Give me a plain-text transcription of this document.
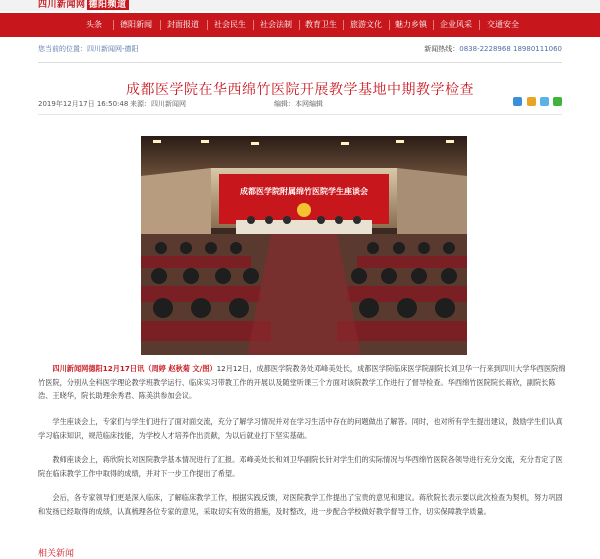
四川新闻网 德阳频道
头条	德阳新闻	封面报道	社会民生	社会法制	教育卫生	旅游文化	魅力乡镇	企业风采	交通安全
您当前的位置：四川新闻网-德阳	新闻热线：0838-2228968 18980111060
成都医学院在华西绵竹医院开展教学基地中期教学检查
2019年12月17日 16:50:48 来源：四川新闻网	编辑：本网编辑

成都医学院附属绵竹医院学生座谈会

四川新闻网德阳12月17日讯（周婷 赵秋菊 文/图）12月12日，成都医学院教务处邓峰美处长，成都医学院临床医学院副院长刘卫华一行来到四川大学华西医院绵竹医院，分别从全科医学理论教学班教学运行、临床实习带教工作的开展以及随堂听课三个方面对该院教学工作进行了督导检查。华西绵竹医院院长蒋欣，副院长陈浩、王晓华，院长助理余秀君、陈美洪参加会议。

学生座谈会上，专家们与学生们进行了面对面交流，充分了解学习情况并对在学习生活中存在的问题做出了解答。同时，也对所有学生提出建议，鼓励学生们认真学习临床知识，规范临床技能，为学校人才培养作出贡献，为以后就业打下坚实基础。

教师座谈会上，蒋欣院长对医院教学基本情况进行了汇报。邓峰美处长和刘卫华副院长针对学生们的实际情况与华西绵竹医院各领导进行充分交流，充分肯定了医院在临床教学工作中取得的成绩，并对下一步工作提出了希望。

会后，各专家领导们更是深入临床，了解临床教学工作，根据实践反馈，对医院教学工作提出了宝贵的意见和建议。蒋欣院长表示要以此次检查为契机，努力巩固和发扬已经取得的成绩，认真梳理各位专家的意见，采取切实有效的措施，及时整改，进一步配合学校做好教学督导工作，切实保障教学质量。

相关新闻
